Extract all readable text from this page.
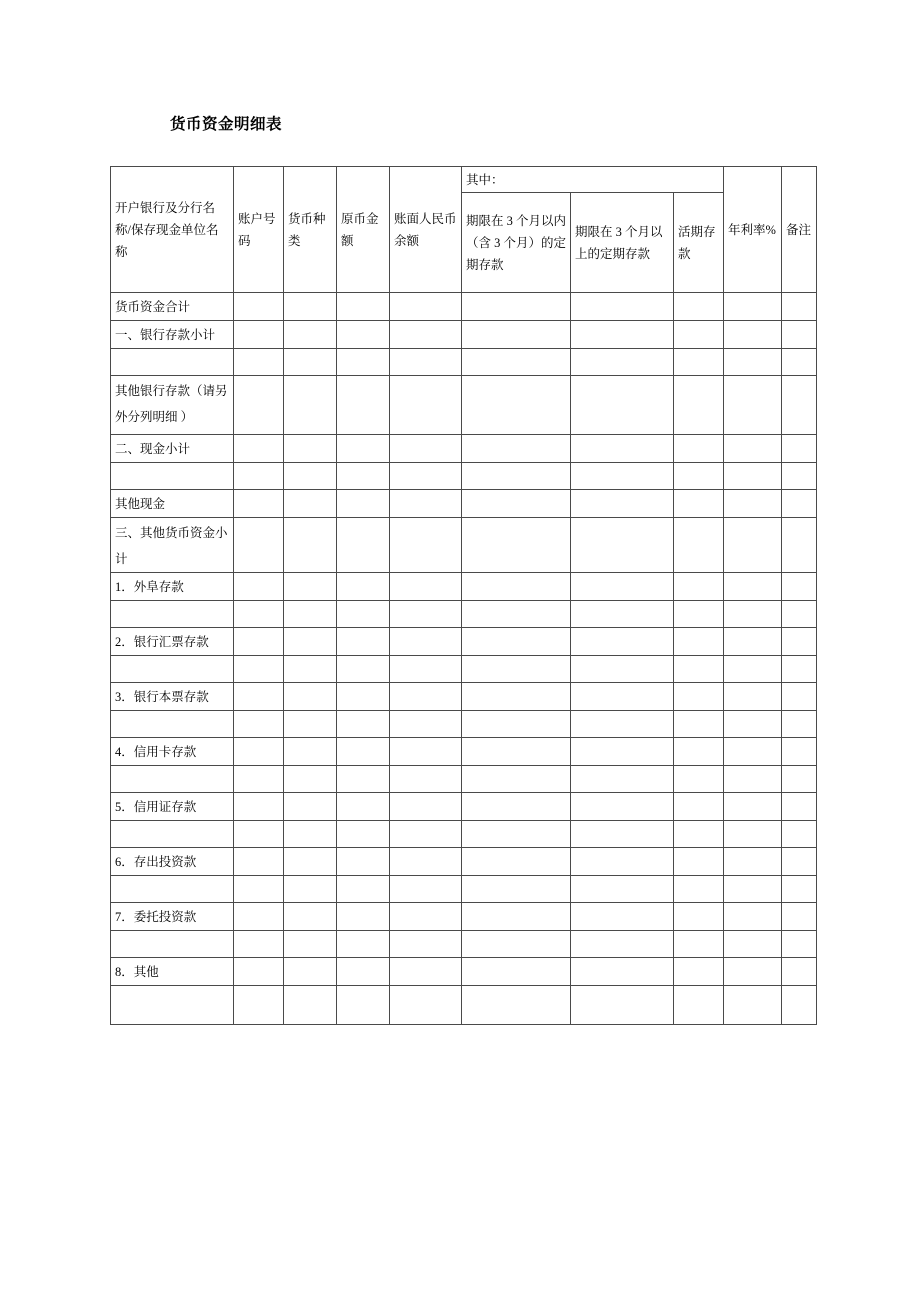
货币资金明细表
开户银行及分行名称/保存现金单位名称	账户号码	货币种类	原币金额	账面人民币余额	其中：			年利率%	备注
					期限在 3 个月以内（含 3 个月）的定期存款	期限在 3 个月以上的定期存款	活期存款		
货币资金合计									
一、银行存款小计									

其他银行存款（请另外分列明细 ）									
二、现金小计									

其他现金									
三、其他货币资金小计									
1．外阜存款									

2．银行汇票存款									

3．银行本票存款									

4．信用卡存款									

5．信用证存款									

6．存出投资款									

7．委托投资款									

8．其他									
